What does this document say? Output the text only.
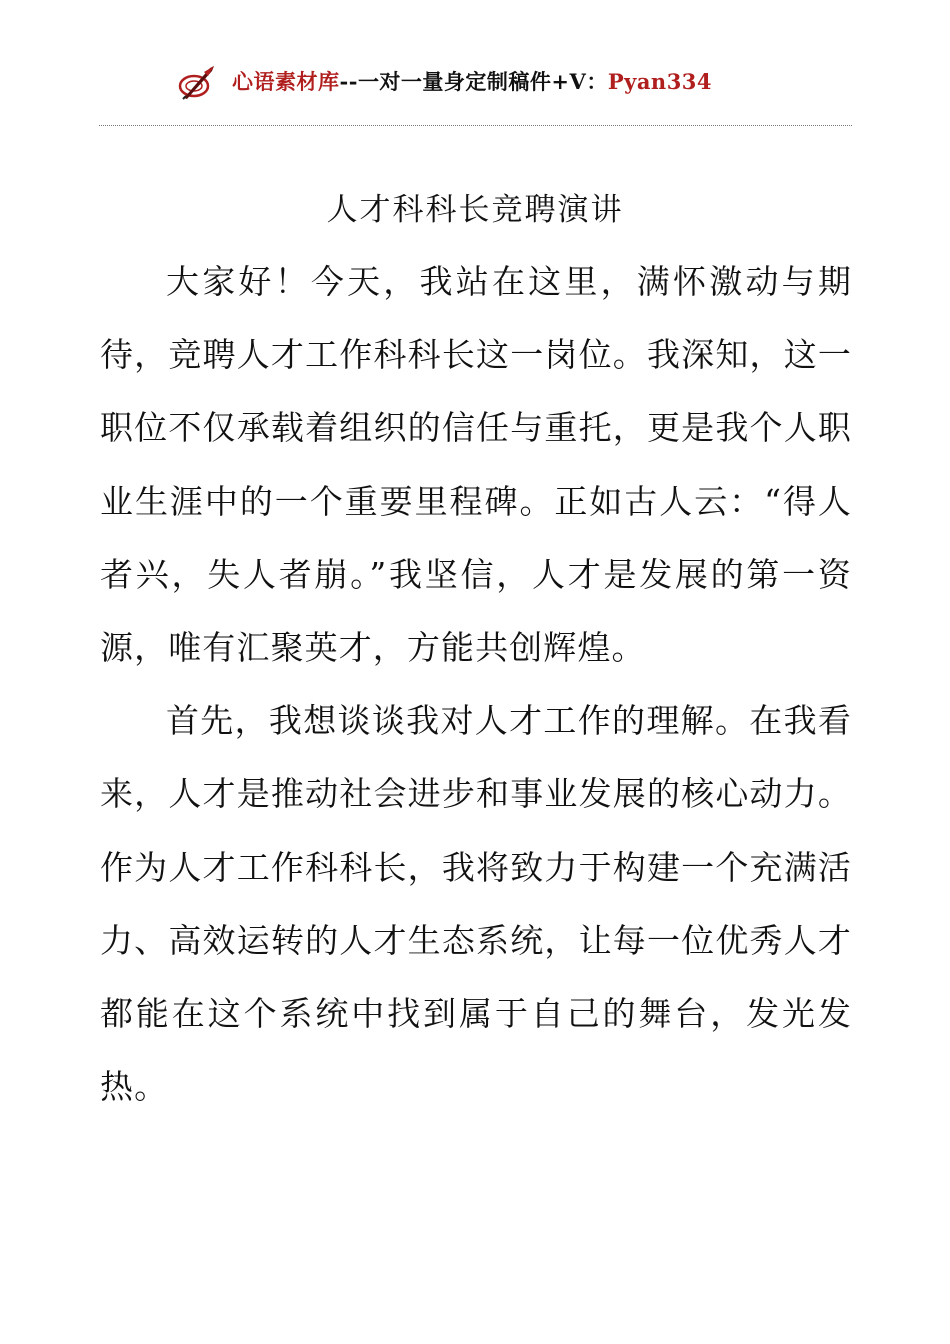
心语素材库--一对一量身定制稿件+V：Pyan334
人才科科长竞聘演讲

大家好！今天，我站在这里，满怀激动与期待，竞聘人才工作科科长这一岗位。我深知，这一职位不仅承载着组织的信任与重托，更是我个人职业生涯中的一个重要里程碑。正如古人云：“得人者兴，失人者崩。”我坚信，人才是发展的第一资源，唯有汇聚英才，方能共创辉煌。

首先，我想谈谈我对人才工作的理解。在我看来，人才是推动社会进步和事业发展的核心动力。作为人才工作科科长，我将致力于构建一个充满活力、高效运转的人才生态系统，让每一位优秀人才都能在这个系统中找到属于自己的舞台，发光发热。
